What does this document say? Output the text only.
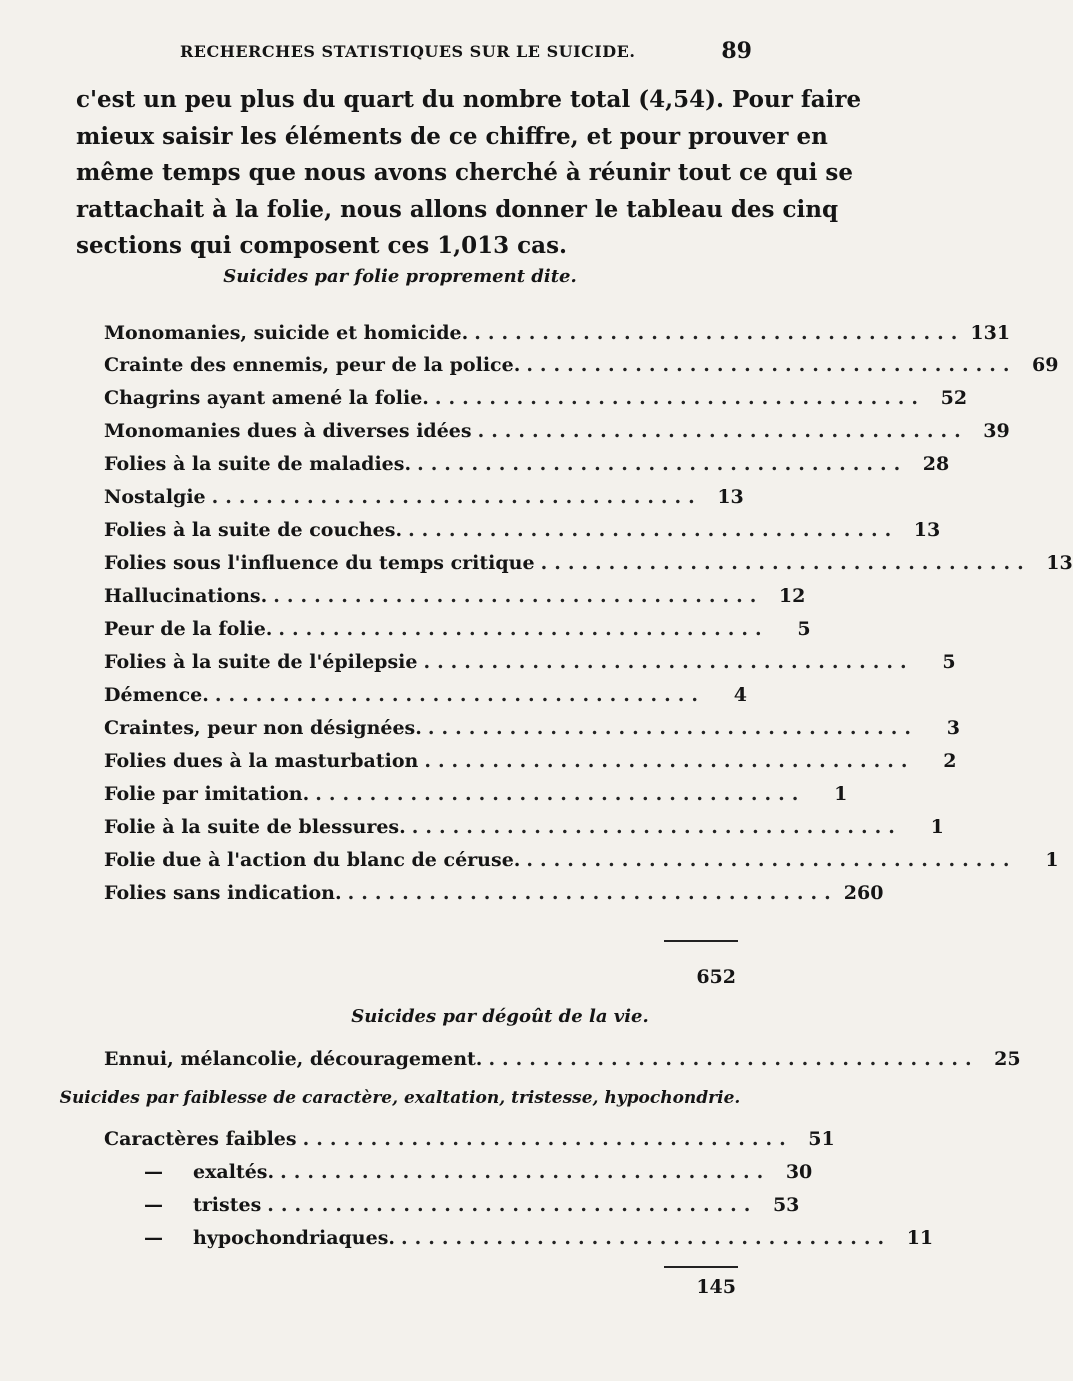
RECHERCHES STATISTIQUES SUR LE SUICIDE.	89
c'est un peu plus du quart du nombre total (4,54). Pour faire
mieux saisir les éléments de ce chiffre, et pour prouver en
même temps que nous avons cherché à réunir tout ce qui se
rattachait à la folie, nous allons donner le tableau des cinq
sections qui composent ces 1,013 cas.
Suicides par folie proprement dite.
Monomanies, suicide et homicide. .................................... 131
Crainte des ennemis, peur de la police. .................................... 69
Chagrins ayant amené la folie. .................................... 52
Monomanies dues à diverses idées .................................... 39
Folies à la suite de maladies. .................................... 28
Nostalgie .................................... 13
Folies à la suite de couches. .................................... 13
Folies sous l'influence du temps critique .................................... 13
Hallucinations. .................................... 12
Peur de la folie. ....................................	5
Folies à la suite de l'épilepsie ....................................	5
Démence. ....................................	4
Craintes, peur non désignées. ....................................	3
Folies dues à la masturbation ....................................	2
Folie par imitation. ....................................	1
Folie à la suite de blessures. ....................................	1
Folie due à l'action du blanc de céruse. ....................................	1
Folies sans indication. .................................... 260
652
Suicides par dégoût de la vie.
Ennui, mélancolie, découragement. .................................... 25
Suicides par faiblesse de caractère, exaltation, tristesse, hypochondrie.
Caractères faibles .................................... 51
— exaltés. .................................... 30
— tristes .................................... 53
— hypochondriaques. .................................... 11
145
